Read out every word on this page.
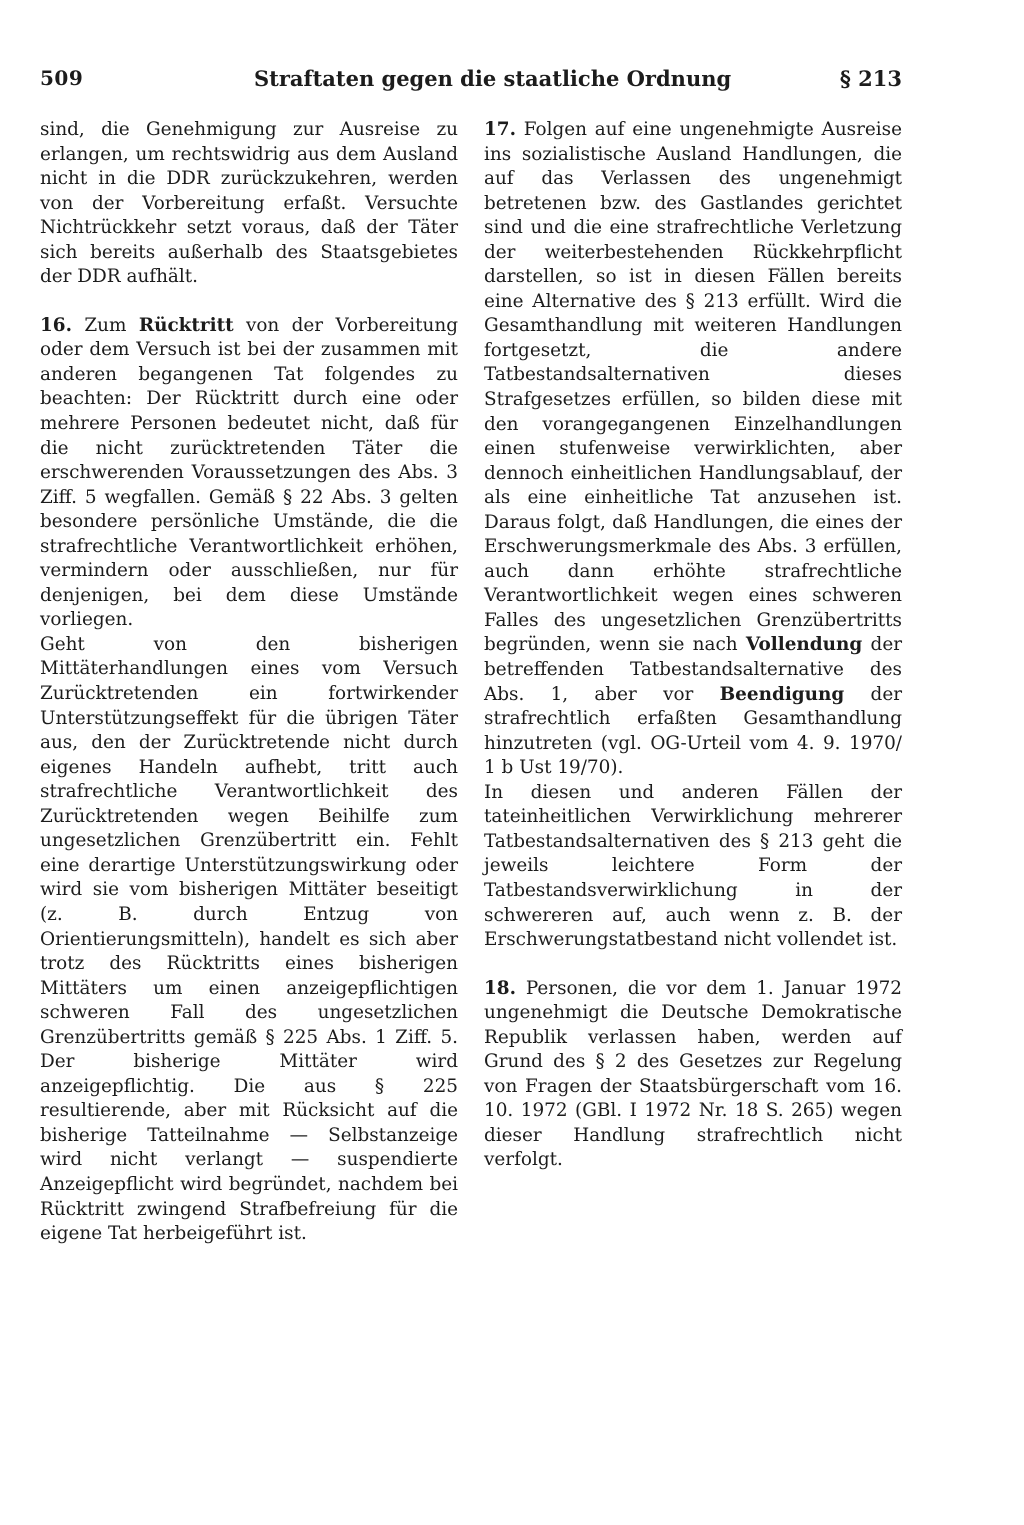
509	Straftaten gegen die staatliche Ordnung	§ 213

sind, die Genehmigung zur Ausreise zu erlangen, um rechtswidrig aus dem Ausland nicht in die DDR zurückzukehren, werden von der Vorbereitung erfaßt. Versuchte Nichtrückkehr setzt voraus, daß der Täter sich bereits außerhalb des Staatsgebietes der DDR aufhält.

16. Zum Rücktritt von der Vorbereitung oder dem Versuch ist bei der zusammen mit anderen begangenen Tat folgendes zu beachten: Der Rücktritt durch eine oder mehrere Personen bedeutet nicht, daß für die nicht zurücktretenden Täter die erschwerenden Voraussetzungen des Abs. 3 Ziff. 5 wegfallen. Gemäß § 22 Abs. 3 gelten besondere persönliche Umstände, die die strafrechtliche Verantwortlichkeit erhöhen, vermindern oder ausschließen, nur für denjenigen, bei dem diese Umstände vorliegen.

Geht von den bisherigen Mittäterhandlungen eines vom Versuch Zurücktretenden ein fortwirkender Unterstützungseffekt für die übrigen Täter aus, den der Zurücktretende nicht durch eigenes Handeln aufhebt, tritt auch strafrechtliche Verantwortlichkeit des Zurücktretenden wegen Beihilfe zum ungesetzlichen Grenzübertritt ein. Fehlt eine derartige Unterstützungswirkung oder wird sie vom bisherigen Mittäter beseitigt (z. B. durch Entzug von Orientierungsmitteln), handelt es sich aber trotz des Rücktritts eines bisherigen Mittäters um einen anzeigepflichtigen schweren Fall des ungesetzlichen Grenzübertritts gemäß § 225 Abs. 1 Ziff. 5. Der bisherige Mittäter wird anzeigepflichtig. Die aus § 225 resultierende, aber mit Rücksicht auf die bisherige Tatteilnahme — Selbstanzeige wird nicht verlangt — suspendierte Anzeigepflicht wird begründet, nachdem bei Rücktritt zwingend Strafbefreiung für die eigene Tat herbeigeführt ist.

17. Folgen auf eine ungenehmigte Ausreise ins sozialistische Ausland Handlungen, die auf das Verlassen des ungenehmigt betretenen bzw. des Gastlandes gerichtet sind und die eine strafrechtliche Verletzung der weiterbestehenden Rückkehrpflicht darstellen, so ist in diesen Fällen bereits eine Alternative des § 213 erfüllt. Wird die Gesamthandlung mit weiteren Handlungen fortgesetzt, die andere Tatbestandsalternativen dieses Strafgesetzes erfüllen, so bilden diese mit den vorangegangenen Einzelhandlungen einen stufenweise verwirklichten, aber dennoch einheitlichen Handlungsablauf, der als eine einheitliche Tat anzusehen ist. Daraus folgt, daß Handlungen, die eines der Erschwerungsmerkmale des Abs. 3 erfüllen, auch dann erhöhte strafrechtliche Verantwortlichkeit wegen eines schweren Falles des ungesetzlichen Grenzübertritts begründen, wenn sie nach Vollendung der betreffenden Tatbestandsalternative des Abs. 1, aber vor Beendigung der strafrechtlich erfaßten Gesamthandlung hinzutreten (vgl. OG-Urteil vom 4. 9. 1970/ 1 b Ust 19/70).

In diesen und anderen Fällen der tateinheitlichen Verwirklichung mehrerer Tatbestandsalternativen des § 213 geht die jeweils leichtere Form der Tatbestandsverwirklichung in der schwereren auf, auch wenn z. B. der Erschwerungstatbestand nicht vollendet ist.

18. Personen, die vor dem 1. Januar 1972 ungenehmigt die Deutsche Demokratische Republik verlassen haben, werden auf Grund des § 2 des Gesetzes zur Regelung von Fragen der Staatsbürgerschaft vom 16. 10. 1972 (GBl. I 1972 Nr. 18 S. 265) wegen dieser Handlung strafrechtlich nicht verfolgt.
